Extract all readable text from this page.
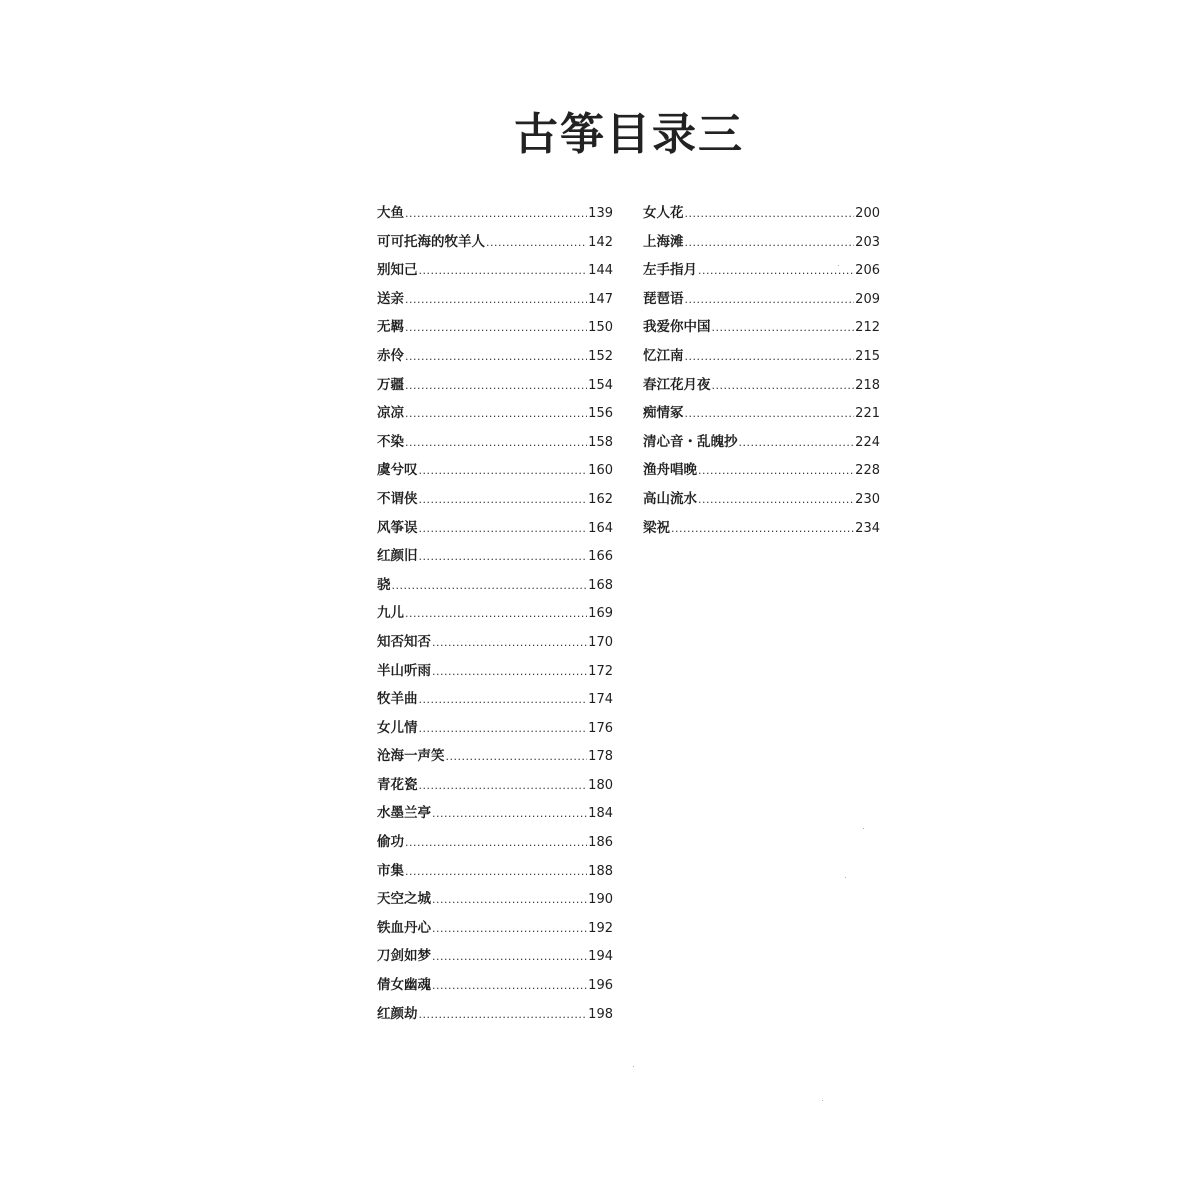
古筝目录三
大鱼 .....	139
可可托海的牧羊人 .....	142
别知己 .....	144
送亲 .....	147
无羁 .....	150
赤伶 .....	152
万疆 .....	154
凉凉 .....	156
不染 .....	158
虞兮叹 .....	160
不谓侠 .....	162
风筝误 .....	164
红颜旧 .....	166
骁 .....	168
九儿 .....	169
知否知否 .....	170
半山听雨 .....	172
牧羊曲 .....	174
女儿情 .....	176
沧海一声笑 .....	178
青花瓷 .....	180
水墨兰亭 .....	184
偷功 .....	186
市集 .....	188
天空之城 .....	190
铁血丹心 .....	192
刀剑如梦 .....	194
倩女幽魂 .....	196
红颜劫 .....	198
女人花 .....	200
上海滩 .....	203
左手指月 .....	206
琵琶语 .....	209
我爱你中国 .....	212
忆江南 .....	215
春江花月夜 .....	218
痴情冢 .....	221
清心音・乱魄抄 .....	224
渔舟唱晚 .....	228
高山流水 .....	230
梁祝 .....	234
